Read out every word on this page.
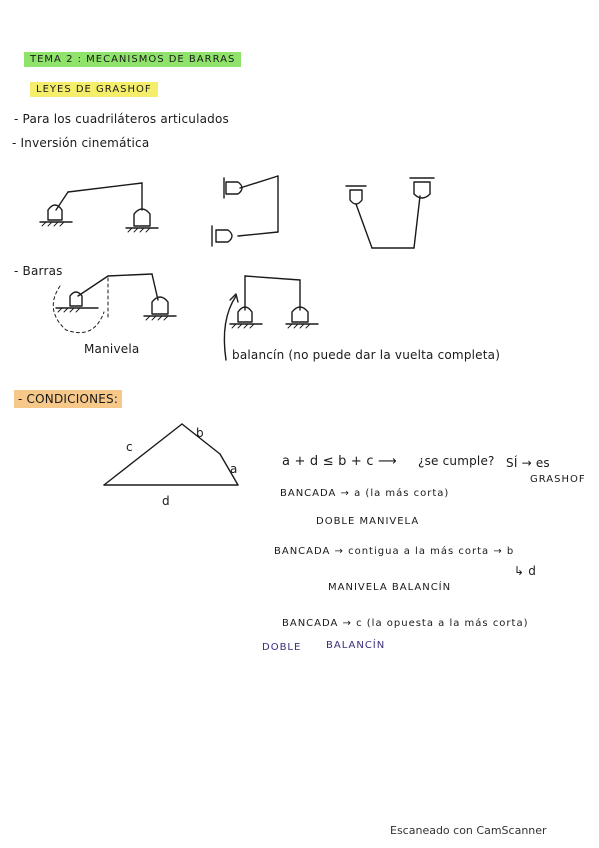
TEMA 2 : MECANISMOS DE BARRAS
LEYES DE GRASHOF
- Para los cuadriláteros articulados
- Inversión cinemática
- Barras
Manivela	balancín (no puede dar la vuelta completa)
- CONDICIONES:
c
b
a
d
a + d ≤ b + c ⟶ ¿se cumple? SÍ → es
GRASHOF
BANCADA → a (la más corta)
DOBLE MANIVELA
BANCADA → contigua a la más corta → b
↳ d
MANIVELA BALANCÍN
BANCADA → c (la opuesta a la más corta)
DOBLE BALANCÍN
Escaneado con CamScanner
